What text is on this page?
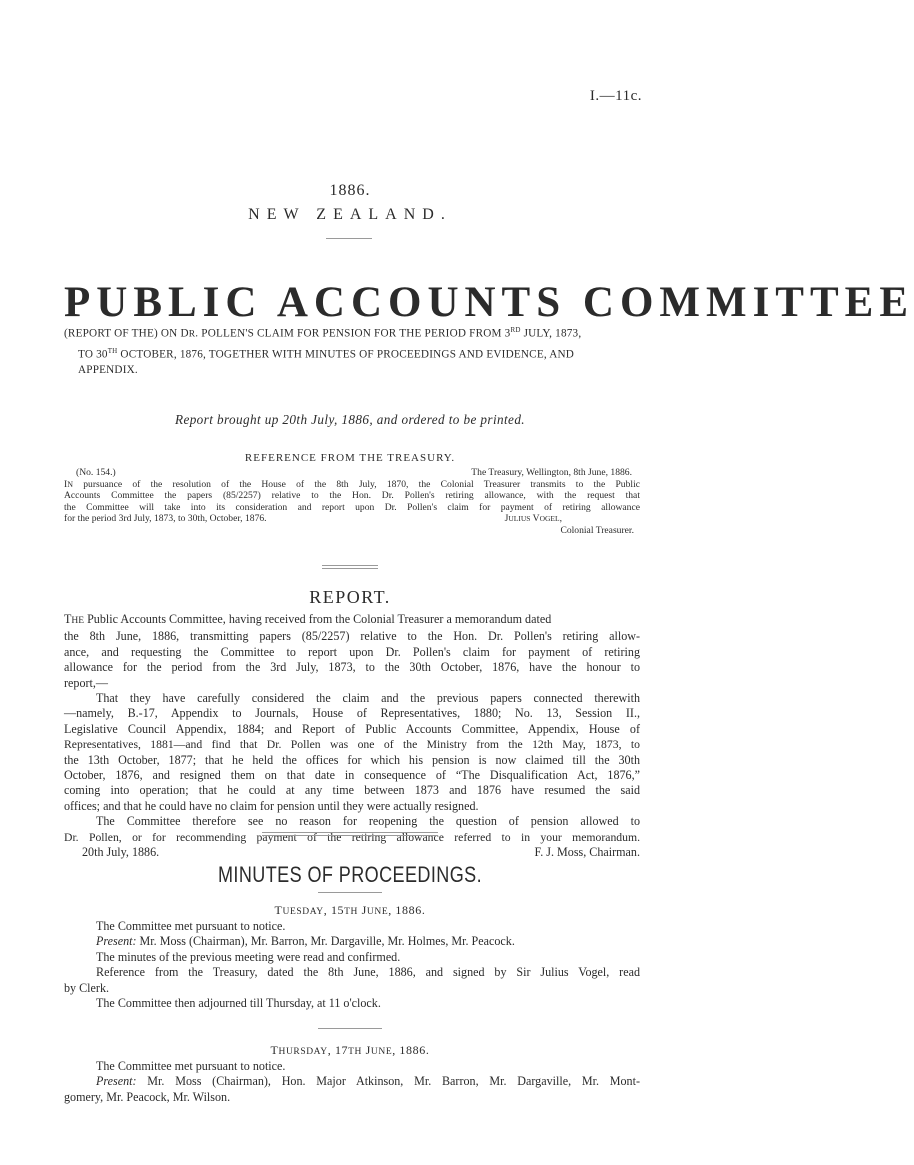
I.—11c.
1886.
NEW ZEALAND.
PUBLIC ACCOUNTS COMMITTEE
(REPORT OF THE) ON DR. POLLEN'S CLAIM FOR PENSION FOR THE PERIOD FROM 3RD JULY, 1873,
TO 30TH OCTOBER, 1876, TOGETHER WITH MINUTES OF PROCEEDINGS AND EVIDENCE, AND
APPENDIX.
Report brought up 20th July, 1886, and ordered to be printed.
REFERENCE FROM THE TREASURY.
(No. 154.)	The Treasury, Wellington, 8th June, 1886.
IN pursuance of the resolution of the House of the 8th July, 1870, the Colonial Treasurer transmits to the Public
Accounts Committee the papers (85/2257) relative to the Hon. Dr. Pollen's retiring allowance, with the request that
the Committee will take into its consideration and report upon Dr. Pollen's claim for payment of retiring allowance
for the period 3rd July, 1873, to 30th, October, 1876.	JULIUS VOGEL,
Colonial Treasurer.
REPORT.

THE Public Accounts Committee, having received from the Colonial Treasurer a memorandum dated

the 8th June, 1886, transmitting papers (85/2257) relative to the Hon. Dr. Pollen's retiring allow-

ance, and requesting the Committee to report upon Dr. Pollen's claim for payment of retiring

allowance for the period from the 3rd July, 1873, to the 30th October, 1876, have the honour to

report,—

That they have carefully considered the claim and the previous papers connected therewith

—namely, B.-17, Appendix to Journals, House of Representatives, 1880; No. 13, Session II.,

Legislative Council Appendix, 1884; and Report of Public Accounts Committee, Appendix, House of

Representatives, 1881—and find that Dr. Pollen was one of the Ministry from the 12th May, 1873, to

the 13th October, 1877; that he held the offices for which his pension is now claimed till the 30th

October, 1876, and resigned them on that date in consequence of “The Disqualification Act, 1876,”

coming into operation; that he could at any time between 1873 and 1876 have resumed the said

offices; and that he could have no claim for pension until they were actually resigned.

The Committee therefore see no reason for reopening the question of pension allowed to

Dr. Pollen, or for recommending payment of the retiring allowance referred to in your memorandum.

20th July, 1886.	F. J. Moss, Chairman.

MINUTES OF PROCEEDINGS.
TUESDAY, 15TH JUNE, 1886.

The Committee met pursuant to notice.

Present: Mr. Moss (Chairman), Mr. Barron, Mr. Dargaville, Mr. Holmes, Mr. Peacock.

The minutes of the previous meeting were read and confirmed.

Reference from the Treasury, dated the 8th June, 1886, and signed by Sir Julius Vogel, read

by Clerk.

The Committee then adjourned till Thursday, at 11 o'clock.

THURSDAY, 17TH JUNE, 1886.

The Committee met pursuant to notice.

Present: Mr. Moss (Chairman), Hon. Major Atkinson, Mr. Barron, Mr. Dargaville, Mr. Mont-

gomery, Mr. Peacock, Mr. Wilson.
